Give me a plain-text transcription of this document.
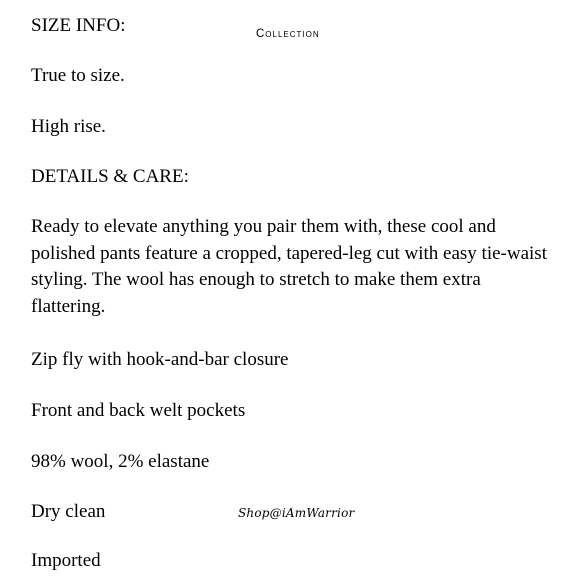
SIZE INFO:	Collection

True to size.

High rise.

DETAILS & CARE:

Ready to elevate anything you pair them with, these cool and polished pants feature a cropped, tapered-leg cut with easy tie-waist styling. The wool has enough to stretch to make them extra flattering.

Zip fly with hook-and-bar closure

Front and back welt pockets

98% wool, 2% elastane

Dry clean	Shop@iAmWarrior

Imported
